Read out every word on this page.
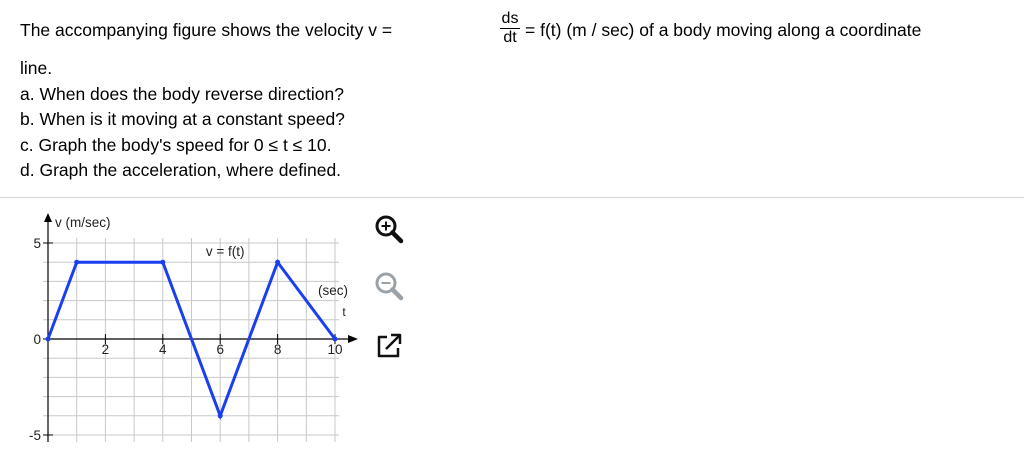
The accompanying figure shows the velocity v =
ds
dt = f(t) (m / sec) of a body moving along a coordinate
line.
a. When does the body reverse direction?
b. When is it moving at a constant speed?
c. Graph the body's speed for 0 ≤ t ≤ 10.
d. Graph the acceleration, where defined.
2	4	6	8	10
5
0
-5
v (m/sec)
(sec)
t
v = f(t)
